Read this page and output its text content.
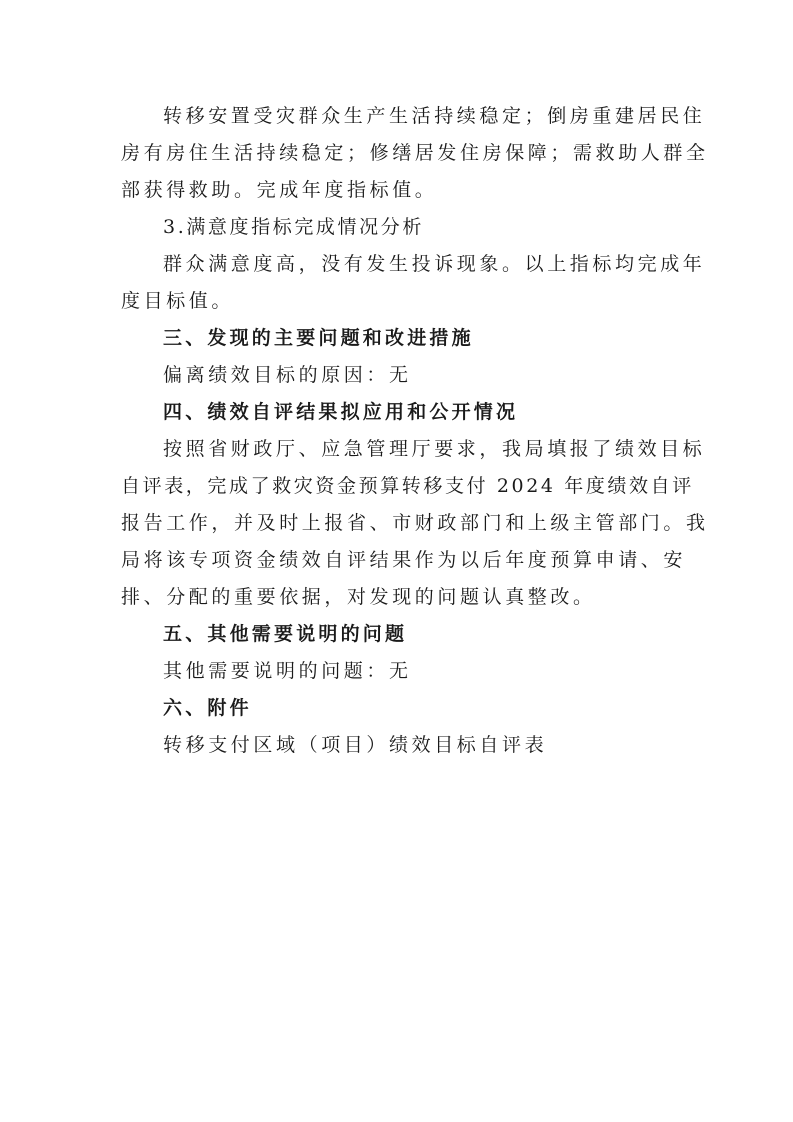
转移安置受灾群众生产生活持续稳定；倒房重建居民住
房有房住生活持续稳定；修缮居发住房保障；需救助人群全
部获得救助。完成年度指标值。

3.满意度指标完成情况分析

群众满意度高，没有发生投诉现象。以上指标均完成年
度目标值。

三、发现的主要问题和改进措施

偏离绩效目标的原因：无

四、绩效自评结果拟应用和公开情况

按照省财政厅、应急管理厅要求，我局填报了绩效目标
自评表，完成了救灾资金预算转移支付 2024 年度绩效自评
报告工作，并及时上报省、市财政部门和上级主管部门。我
局将该专项资金绩效自评结果作为以后年度预算申请、安
排、分配的重要依据，对发现的问题认真整改。

五、其他需要说明的问题

其他需要说明的问题：无

六、附件

转移支付区域（项目）绩效目标自评表
